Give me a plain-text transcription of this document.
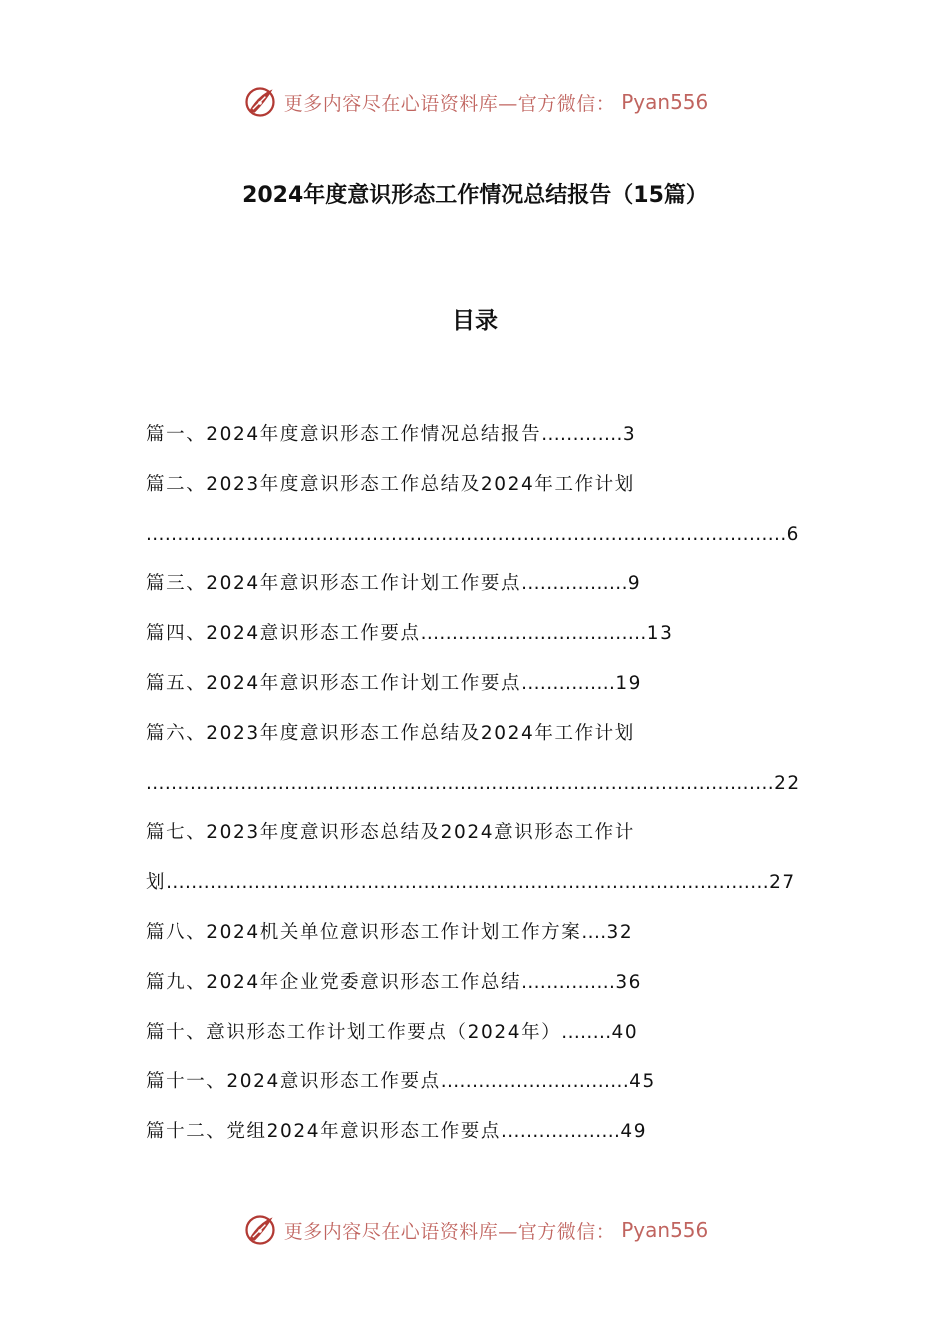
更多内容尽在心语资料库—官方微信： Pyan556
2024年度意识形态工作情况总结报告（15篇）
目录
篇一、2024年度意识形态工作情况总结报告.............3
篇二、2023年度意识形态工作总结及2024年工作计划
......................................................................................................6
篇三、2024年意识形态工作计划工作要点.................9
篇四、2024意识形态工作要点....................................13
篇五、2024年意识形态工作计划工作要点...............19
篇六、2023年度意识形态工作总结及2024年工作计划
....................................................................................................22
篇七、2023年度意识形态总结及2024意识形态工作计
划................................................................................................27
篇八、2024机关单位意识形态工作计划工作方案....32
篇九、2024年企业党委意识形态工作总结...............36
篇十、意识形态工作计划工作要点（2024年）........40
篇十一、2024意识形态工作要点..............................45
篇十二、党组2024年意识形态工作要点...................49
更多内容尽在心语资料库—官方微信： Pyan556
